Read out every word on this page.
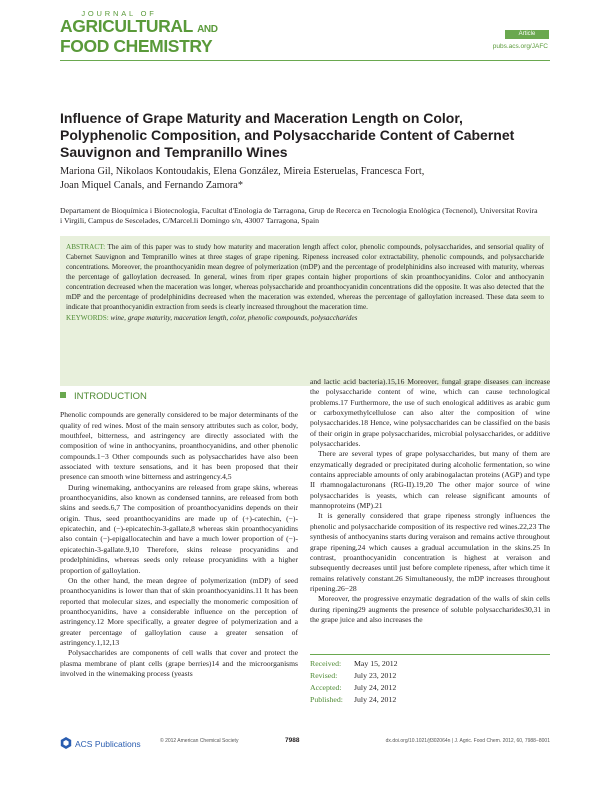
JOURNAL OF
AGRICULTURAL AND
FOOD CHEMISTRY
Article
pubs.acs.org/JAFC
Influence of Grape Maturity and Maceration Length on Color, Polyphenolic Composition, and Polysaccharide Content of Cabernet Sauvignon and Tempranillo Wines
Mariona Gil, Nikolaos Kontoudakis, Elena González, Mireia Esteruelas, Francesca Fort,
Joan Miquel Canals, and Fernando Zamora*
Departament de Bioquímica i Biotecnologia, Facultat d'Enologia de Tarragona, Grup de Recerca en Tecnologia Enològica (Tecnenol), Universitat Rovira i Virgili, Campus de Sescelades, C/Marcel.li Domingo s/n, 43007 Tarragona, Spain

ABSTRACT: The aim of this paper was to study how maturity and maceration length affect color, phenolic compounds, polysaccharides, and sensorial quality of Cabernet Sauvignon and Tempranillo wines at three stages of grape ripening. Ripeness increased color extractability, phenolic compounds, and polysaccharide concentrations. Moreover, the proanthocyanidin mean degree of polymerization (mDP) and the percentage of prodelphinidins also increased with maturity, whereas the percentage of galloylation decreased. In general, wines from riper grapes contain higher proportions of skin proanthocyanidins. Color and anthocyanin concentration decreased when the maceration was longer, whereas polysaccharide and proanthocyanidin concentrations did the opposite. It was also detected that the mDP and the percentage of prodelphinidins decreased when the maceration was extended, whereas the percentage of galloylation increased. These data seem to indicate that proanthocyanidin extraction from seeds is clearly increased throughout the maceration time.

KEYWORDS: wine, grape maturity, maceration length, color, phenolic compounds, polysaccharides

INTRODUCTION

Phenolic compounds are generally considered to be major determinants of the quality of red wines. Most of the main sensory attributes such as color, body, mouthfeel, bitterness, and astringency are directly associated with the composition of wine in anthocyanins, proanthocyanidins, and other phenolic compounds.1−3 Other compounds such as polysaccharides have also been associated with texture sensations, and it has been proposed that their presence can smooth wine bitterness and astringency.4,5

During winemaking, anthocyanins are released from grape skins, whereas proanthocyanidins, also known as condensed tannins, are released from both skins and seeds.6,7 The composition of proanthocyanidins depends on their origin. Thus, seed proanthocyanidins are made up of (+)-catechin, (−)-epicatechin, and (−)-epicatechin-3-gallate,8 whereas skin proanthocyanidins also contain (−)-epigallocatechin and have a much lower proportion of (−)-epicatechin-3-gallate.9,10 Therefore, skins release procyanidins and prodelphinidins, whereas seeds only release procyanidins with a higher proportion of galloylation.

On the other hand, the mean degree of polymerization (mDP) of seed proanthocyanidins is lower than that of skin proanthocyanidins.11 It has been reported that molecular sizes, and especially the monomeric composition of proanthocyanidins, have a considerable influence on the perception of astringency.12 More specifically, a greater degree of polymerization and a greater percentage of galloylation cause a greater sensation of astringency.1,12,13

Polysaccharides are components of cell walls that cover and protect the plasma membrane of plant cells (grape berries)14 and the microorganisms involved in the winemaking process (yeasts

and lactic acid bacteria).15,16 Moreover, fungal grape diseases can increase the polysaccharide content of wine, which can cause technological problems.17 Furthermore, the use of such enological additives as arabic gum or carboxymethylcellulose can also alter the composition of wine polysaccharides.18 Hence, wine polysaccharides can be classified on the basis of their origin in grape polysaccharides, microbial polysaccharides, or additive polysaccharides.

There are several types of grape polysaccharides, but many of them are enzymatically degraded or precipitated during alcoholic fermentation, so wine contains appreciable amounts of only arabinogalactan proteins (AGP) and type II rhamnogalacturonans (RG-II).19,20 The other major source of wine polysaccharides is yeasts, which can release significant amounts of mannoproteins (MP).21

It is generally considered that grape ripeness strongly influences the phenolic and polysaccharide composition of its respective red wines.22,23 The synthesis of anthocyanins starts during veraison and remains active throughout grape ripening,24 which causes a gradual accumulation in the skins.25 In contrast, proanthocyanidin concentration is highest at veraison and subsequently decreases until just before complete ripeness, after which time it remains relatively constant.26 Simultaneously, the mDP increases throughout ripening.26−28

Moreover, the progressive enzymatic degradation of the walls of skin cells during ripening29 augments the presence of soluble polysaccharides30,31 in the grape juice and also increases the

Received: May 15, 2012
Revised: July 23, 2012
Accepted: July 24, 2012
Published: July 24, 2012
ACS Publications	© 2012 American Chemical Society	7988	dx.doi.org/10.1021/jf302064n | J. Agric. Food Chem. 2012, 60, 7988−8001
